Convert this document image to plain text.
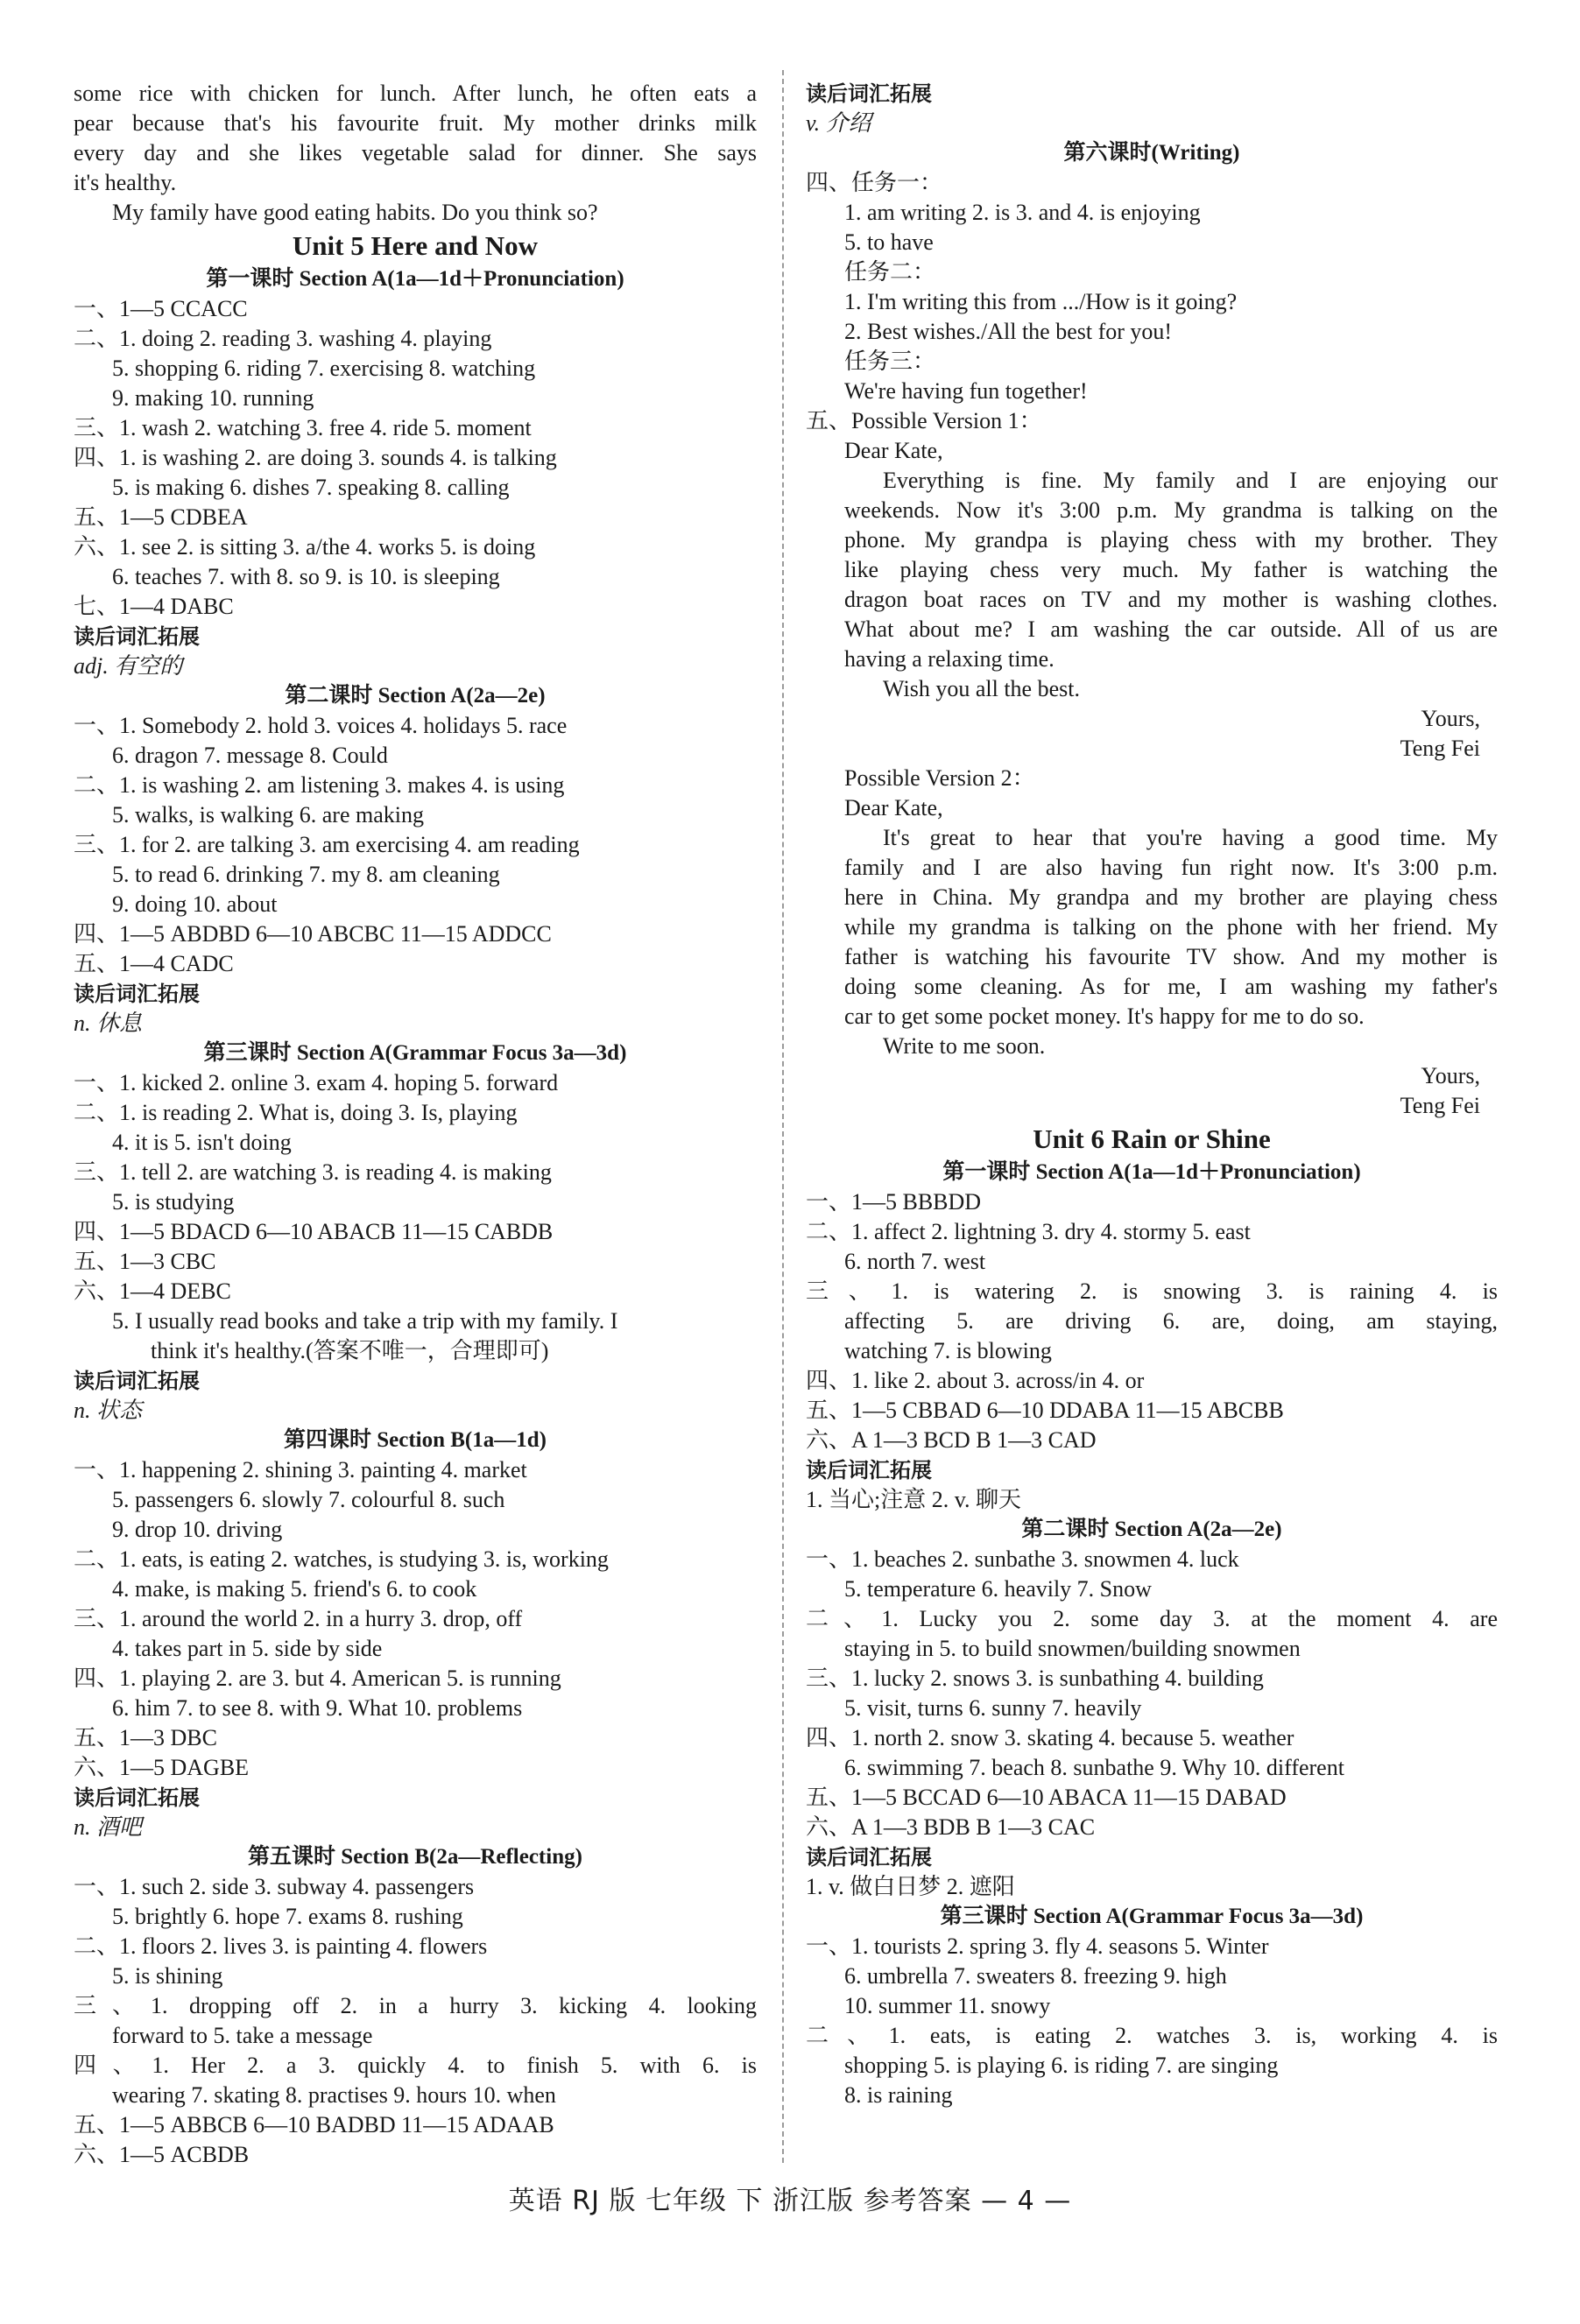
some rice with chicken for lunch. After lunch, he often eats a
pear because that's his favourite fruit. My mother drinks milk
every day and she likes vegetable salad for dinner. She says
it's healthy.
My family have good eating habits. Do you think so?
Unit 5 Here and Now
第一课时 Section A(1a—1d＋Pronunciation)
一、1—5 CCACC
二、1. doing 2. reading 3. washing 4. playing
5. shopping 6. riding 7. exercising 8. watching
9. making 10. running
三、1. wash 2. watching 3. free 4. ride 5. moment
四、1. is washing 2. are doing 3. sounds 4. is talking
5. is making 6. dishes 7. speaking 8. calling
五、1—5 CDBEA
六、1. see 2. is sitting 3. a/the 4. works 5. is doing
6. teaches 7. with 8. so 9. is 10. is sleeping
七、1—4 DABC
读后词汇拓展
adj. 有空的
第二课时 Section A(2a—2e)
一、1. Somebody 2. hold 3. voices 4. holidays 5. race
6. dragon 7. message 8. Could
二、1. is washing 2. am listening 3. makes 4. is using
5. walks, is walking 6. are making
三、1. for 2. are talking 3. am exercising 4. am reading
5. to read 6. drinking 7. my 8. am cleaning
9. doing 10. about
四、1—5 ABDBD 6—10 ABCBC 11—15 ADDCC
五、1—4 CADC
读后词汇拓展
n. 休息
第三课时 Section A(Grammar Focus 3a—3d)
一、1. kicked 2. online 3. exam 4. hoping 5. forward
二、1. is reading 2. What is, doing 3. Is, playing
4. it is 5. isn't doing
三、1. tell 2. are watching 3. is reading 4. is making
5. is studying
四、1—5 BDACD 6—10 ABACB 11—15 CABDB
五、1—3 CBC
六、1—4 DEBC
5. I usually read books and take a trip with my family. I
think it's healthy.(答案不唯一，合理即可)
读后词汇拓展
n. 状态
第四课时 Section B(1a—1d)
一、1. happening 2. shining 3. painting 4. market
5. passengers 6. slowly 7. colourful 8. such
9. drop 10. driving
二、1. eats, is eating 2. watches, is studying 3. is, working
4. make, is making 5. friend's 6. to cook
三、1. around the world 2. in a hurry 3. drop, off
4. takes part in 5. side by side
四、1. playing 2. are 3. but 4. American 5. is running
6. him 7. to see 8. with 9. What 10. problems
五、1—3 DBC
六、1—5 DAGBE
读后词汇拓展
n. 酒吧
第五课时 Section B(2a—Reflecting)
一、1. such 2. side 3. subway 4. passengers
5. brightly 6. hope 7. exams 8. rushing
二、1. floors 2. lives 3. is painting 4. flowers
5. is shining
三、1. dropping off 2. in a hurry 3. kicking 4. looking
forward to 5. take a message
四、1. Her 2. a 3. quickly 4. to finish 5. with 6. is
wearing 7. skating 8. practises 9. hours 10. when
五、1—5 ABBCB 6—10 BADBD 11—15 ADAAB
六、1—5 ACBDB
读后词汇拓展
v. 介绍
第六课时(Writing)
四、任务一：
1. am writing 2. is 3. and 4. is enjoying
5. to have
任务二：
1. I'm writing this from .../How is it going?
2. Best wishes./All the best for you!
任务三：
We're having fun together!
五、Possible Version 1：
Dear Kate,
Everything is fine. My family and I are enjoying our
weekends. Now it's 3:00 p.m. My grandma is talking on the
phone. My grandpa is playing chess with my brother. They
like playing chess very much. My father is watching the
dragon boat races on TV and my mother is washing clothes.
What about me? I am washing the car outside. All of us are
having a relaxing time.
Wish you all the best.
Yours,
Teng Fei
Possible Version 2：
Dear Kate,
It's great to hear that you're having a good time. My
family and I are also having fun right now. It's 3:00 p.m.
here in China. My grandpa and my brother are playing chess
while my grandma is talking on the phone with her friend. My
father is watching his favourite TV show. And my mother is
doing some cleaning. As for me, I am washing my father's
car to get some pocket money. It's happy for me to do so.
Write to me soon.
Yours,
Teng Fei
Unit 6 Rain or Shine
第一课时 Section A(1a—1d＋Pronunciation)
一、1—5 BBBDD
二、1. affect 2. lightning 3. dry 4. stormy 5. east
6. north 7. west
三、1. is watering 2. is snowing 3. is raining 4. is
affecting 5. are driving 6. are, doing, am staying,
watching 7. is blowing
四、1. like 2. about 3. across/in 4. or
五、1—5 CBBAD 6—10 DDABA 11—15 ABCBB
六、A 1—3 BCD B 1—3 CAD
读后词汇拓展
1. 当心;注意 2. v. 聊天
第二课时 Section A(2a—2e)
一、1. beaches 2. sunbathe 3. snowmen 4. luck
5. temperature 6. heavily 7. Snow
二、1. Lucky you 2. some day 3. at the moment 4. are
staying in 5. to build snowmen/building snowmen
三、1. lucky 2. snows 3. is sunbathing 4. building
5. visit, turns 6. sunny 7. heavily
四、1. north 2. snow 3. skating 4. because 5. weather
6. swimming 7. beach 8. sunbathe 9. Why 10. different
五、1—5 BCCAD 6—10 ABACA 11—15 DABAD
六、A 1—3 BDB B 1—3 CAC
读后词汇拓展
1. v. 做白日梦 2. 遮阳
第三课时 Section A(Grammar Focus 3a—3d)
一、1. tourists 2. spring 3. fly 4. seasons 5. Winter
6. umbrella 7. sweaters 8. freezing 9. high
10. summer 11. snowy
二、1. eats, is eating 2. watches 3. is, working 4. is
shopping 5. is playing 6. is riding 7. are singing
8. is raining
英语 RJ 版 七年级 下 浙江版 参考答案 — 4 —
